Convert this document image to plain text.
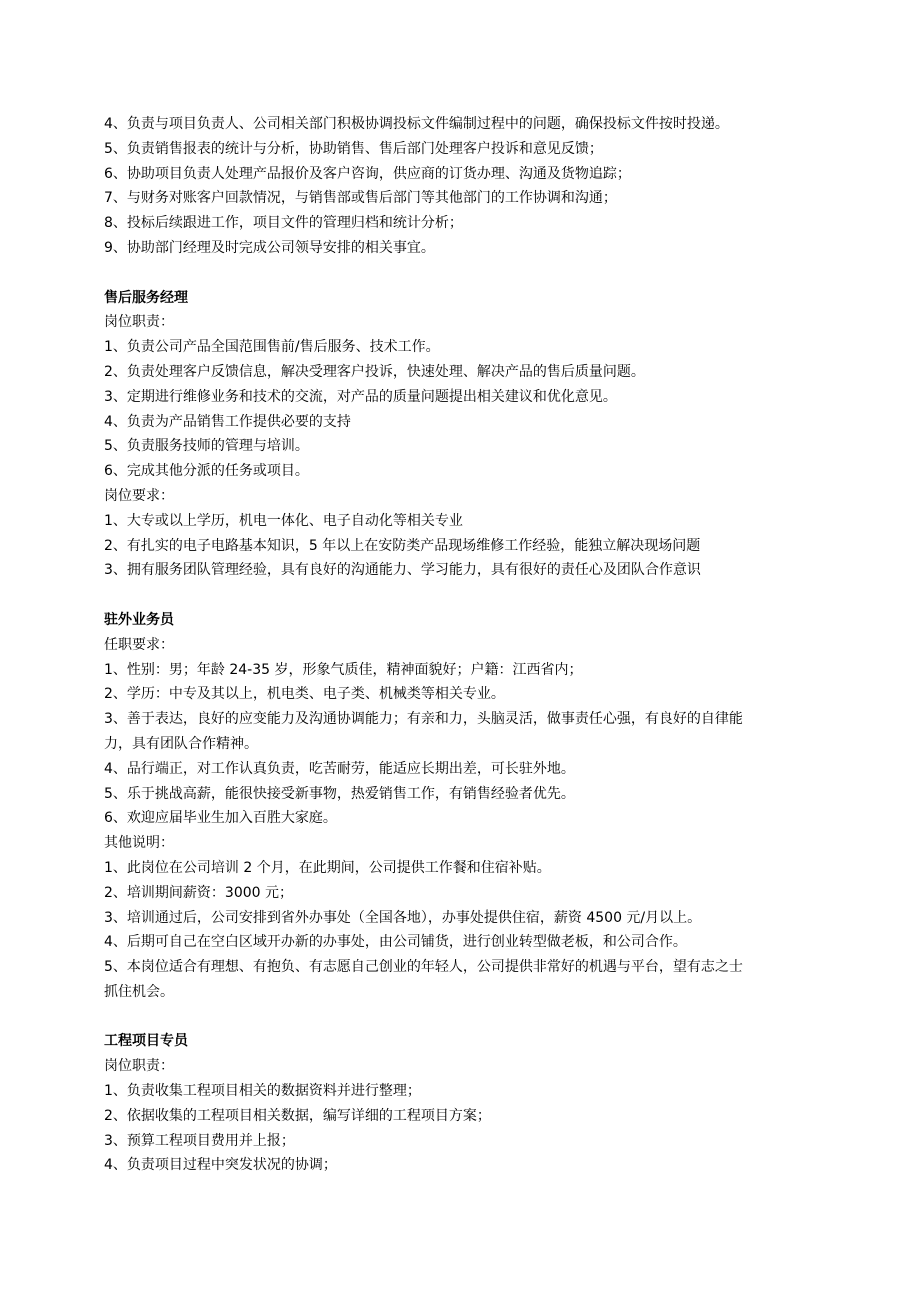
4、负责与项目负责人、公司相关部门积极协调投标文件编制过程中的问题，确保投标文件按时投递。

5、负责销售报表的统计与分析，协助销售、售后部门处理客户投诉和意见反馈；

6、协助项目负责人处理产品报价及客户咨询，供应商的订货办理、沟通及货物追踪；

7、与财务对账客户回款情况，与销售部或售后部门等其他部门的工作协调和沟通；

8、投标后续跟进工作，项目文件的管理归档和统计分析；

9、协助部门经理及时完成公司领导安排的相关事宜。

售后服务经理

岗位职责：

1、负责公司产品全国范围售前/售后服务、技术工作。

2、负责处理客户反馈信息，解决受理客户投诉，快速处理、解决产品的售后质量问题。

3、定期进行维修业务和技术的交流，对产品的质量问题提出相关建议和优化意见。

4、负责为产品销售工作提供必要的支持

5、负责服务技师的管理与培训。

6、完成其他分派的任务或项目。

岗位要求：

1、大专或以上学历，机电一体化、电子自动化等相关专业

2、有扎实的电子电路基本知识，5 年以上在安防类产品现场维修工作经验，能独立解决现场问题

3、拥有服务团队管理经验，具有良好的沟通能力、学习能力，具有很好的责任心及团队合作意识

驻外业务员

任职要求：

1、性别：男；年龄 24-35 岁，形象气质佳，精神面貌好；户籍：江西省内；

2、学历：中专及其以上，机电类、电子类、机械类等相关专业。

3、善于表达，良好的应变能力及沟通协调能力；有亲和力，头脑灵活，做事责任心强，有良好的自律能

力，具有团队合作精神。

4、品行端正，对工作认真负责，吃苦耐劳，能适应长期出差，可长驻外地。

5、乐于挑战高薪，能很快接受新事物，热爱销售工作，有销售经验者优先。

6、欢迎应届毕业生加入百胜大家庭。

其他说明：

1、此岗位在公司培训 2 个月，在此期间，公司提供工作餐和住宿补贴。

2、培训期间薪资：3000 元；

3、培训通过后，公司安排到省外办事处（全国各地），办事处提供住宿，薪资 4500 元/月以上。

4、后期可自己在空白区域开办新的办事处，由公司铺货，进行创业转型做老板，和公司合作。

5、本岗位适合有理想、有抱负、有志愿自己创业的年轻人，公司提供非常好的机遇与平台，望有志之士

抓住机会。

工程项目专员

岗位职责：

1、负责收集工程项目相关的数据资料并进行整理；

2、依据收集的工程项目相关数据，编写详细的工程项目方案；

3、预算工程项目费用并上报；

4、负责项目过程中突发状况的协调；
